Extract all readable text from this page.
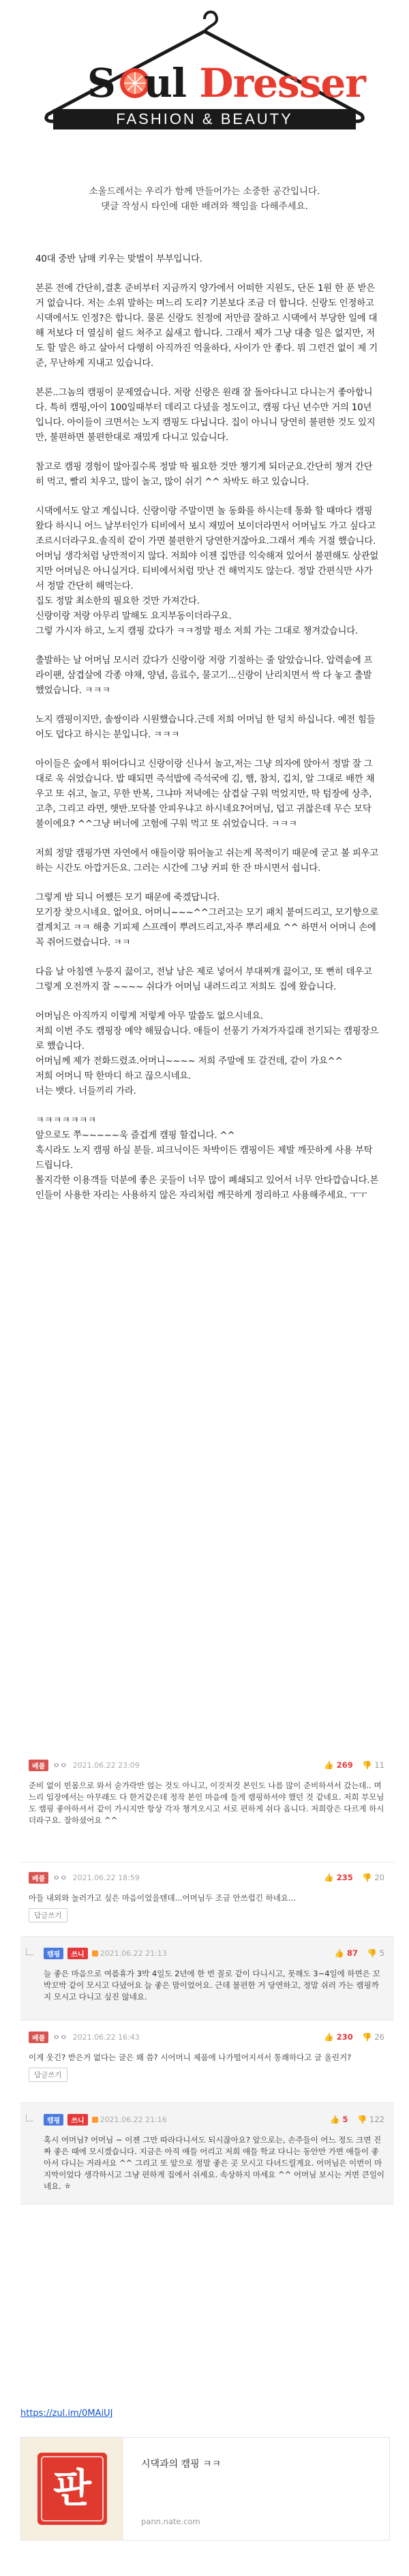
S ul Dresser
FASHION & BEAUTY
소울드레서는 우리가 함께 만들어가는 소중한 공간입니다.
댓글 작성시 타인에 대한 배려와 책임을 다해주세요.

40대 중반 남매 키우는 맞벌이 부부입니다.

본론 전에 간단히,결혼 준비부터 지금까지 양가에서 어떠한 지원도, 단돈 1원 한 푼 받은 거 없습니다. 저는 소위 말하는 며느리 도리? 기본보다 조금 더 합니다. 신랑도 인정하고 시댁에서도 인정?은 합니다. 물론 신랑도 친정에 저만큼 잘하고 시댁에서 부당한 일에 대해 저보다 더 열심히 쉴드 쳐주고 싫새고 합니다. 그래서 제가 그냥 대충 일은 없지만, 저도 할 말은 하고 살아서 다행히 아직까진 억울하다, 사이가 안 좋다. 뭐 그런건 없이 제 기준, 무난하게 지내고 있습니다.

본론..그놈의 캠핑이 문제였습니다. 저랑 신랑은 원래 잘 돌아다니고 다니는거 좋아합니다. 특히 캠핑,아이 100일때부터 데리고 다녔을 정도이고, 캠핑 다닌 년수만 거의 10년입니다. 아이들이 크면서는 노지 캠핑도 다닙니다. 집이 아니니 당연히 불편한 것도 있지만, 불편하면 불편한대로 재밌게 다니고 있습니다.

참고로 캠핑 경험이 많아질수록 정말 딱 필요한 것만 챙기게 되더군요.간단히 챙겨 간단히 먹고, 빨리 치우고, 많이 놀고, 많이 쉬기 ^^ 차박도 하고 있습니다.

시댁에서도 알고 계십니다. 신랑이랑 주말이면 놀 동화를 하시는데 통화 할 때마다 캠핑 왔다 하시니 어느 날부터인가 티비에서 보시 재밌어 보이더라면서 어머님도 가고 싶다고 조르시더라구요.솔직히 같이 가면 불편한거 당연한거잖아요.그래서 계속 거절 했습니다. 어머님 생각처럼 낭만적이지 않다. 저희야 이젠 집만큼 익숙해져 있어서 불편해도 상관없지만 어머님은 아니실거다. 티비에서처럼 맛난 건 해먹지도 않는다. 정말 간편식만 사가서 정말 간단히 해먹는다.

집도 정말 최소한의 필요한 것만 가져간다.

신랑이랑 저랑 아무리 말해도 요지부동이더라구요.

그렇 가시자 하고, 노지 캠핑 갔다가 ㅋㅋ정말 평소 저희 가는 그대로 챙겨갔습니다.

출발하는 날 어머님 모시러 갔다가 신랑이랑 저랑 기절하는 줄 알았습니다. 압력솥에 프라이팬, 삼겹살에 각종 야채, 양념, 음료수, 물고기...신랑이 난리치면서 싹 다 놓고 출발했었습니다. ㅋㅋㅋ

노지 캠핑이지만, 솔쌍이라 시원했습니다.근데 저희 어머님 한 덩치 하십니다. 예전 힘들어도 덥다고 하시는 분입니다. ㅋㅋㅋ

아이들은 숲에서 뛰어다니고 신랑이랑 신나서 놀고,저는 그냥 의자에 앉아서 정말 잘 그대로 욱 쉬었습니다. 밥 때되면 즉석밥에 즉석국에 김, 햄, 참치, 깁치, 알 그대로 배깐 채우고 또 쉬고, 놀고, 무한 반복, 그냐마 저녁에는 삼겹살 구워 먹었지만, 딱 텀장에 상추, 고추, 그리고 라면, 햇반.모닥불 안피우냐고 하시네요?어머님, 덥고 귀찮은데 무슨 모닥불이에요? ^^그냥 버너에 고험에 구워 먹고 또 쉬었습니다. ㅋㅋㅋ

저희 정말 캠핑가면 자연에서 애들이랑 뛰어놀고 쉬는게 목적이기 때문에 굳고 볼 피우고 하는 시간도 아깝거든요. 그러는 시간에 그냥 커피 한 잔 마시면서 쉽니다.

그렇게 밤 되니 어쨌든 모기 때문에 죽겠답니다.

모기장 찾으시네요. 없어요. 어머니~~~^^그러고는 모기 패치 붙여드리고, 모기향으로 결계치고 ㅋㅋ 해충 기피제 스프레이 뿌려드리고,자주 뿌리세요 ^^ 하면서 어머니 손에 꼭 쥐어드렸습니다. ㅋㅋ

다음 날 아침엔 누룽지 끓이고, 전날 남은 제로 넣어서 부대찌개 끓이고, 또 뻔히 데우고 그렇게 오전까지 잘 ~~~~ 쉬다가 어머님 내려드리고 저희도 집에 왔습니다.

어머님은 아직까지 이렇게 저렇게 아무 말씀도 없으시네요.

저희 이번 주도 캠핑장 예약 해뒀습니다. 애들이 선풍기 가져가자길래 전기되는 캠핑장으로 했습니다.

어머님께 제가 전화드렸죠.어머니~~~~ 저희 주말에 또 갈건데, 같이 가요^^

저희 어머니 딱 한마디 하고 끊으시네요.

너는 뱃다. 너들끼리 가라.

ㅋㅋㅋㅋㅋㅋㅋ

앞으로도 쭈~~~~~욱 즐겁게 캠핑 할겁니다. ^^

혹시라도 노지 캠핑 하실 분들. 피크닉이든 차박이든 캠핑이든 제발 깨끗하게 사용 부탁드립니다.

몰지각한 이용객들 덕분에 좋은 곳들이 너무 많이 폐쇄되고 있어서 너무 안타깝습니다.본인들이 사용한 자리는 사용하지 않은 자리처럼 깨끗하게 정리하고 사용해주세요. ㅜㅜ

베플	ㅇㅇ 2021.06.22 23:09	👍 269 👎 11
준비 없이 빈몸으로 와서 숟가락만 얹는 것도 아니고, 이것저것 본인도 나름 많이 준비하셔서 갔는데.. 며느리 입장에서는 아무래도 다 한거같은데 정작 본인 마음에 들게 캠핑하셔야 했던 것 같네요. 저희 부모님도 캠핑 좋아하셔서 같이 가시지만 항상 각자 챙겨오시고 서로 편하게 쉬다 옵니다. 저희랑은 다르게 하시더라구요. 잘하셨어요 ^^
베플	ㅇㅇ 2021.06.22 18:59	👍 235 👎 20
아들 내외와 놀러가고 싶은 마음이었을텐데...어머님두 조금 안쓰럽긴 하네요...
답글쓰기
캠핑	쓰니	2021.06.22 21:13	👍 87 👎 5
늘 좋은 마음으로 여름휴가 3박 4일도 2년에 한 번 꼴로 같이 다니시고, 못해도 3~4일에 하면은 꼬박꼬박 같이 모시고 다녔어요 늘 좋은 맘이었어요. 근데 불편한 거 당연하고, 정말 쉬러 가는 캠핑까지 모시고 다니고 싶진 않네요.
베플	ㅇㅇ 2021.06.22 16:43	👍 230 👎 26
이게 웃긴? 받은거 없다는 글은 왜 씀? 시어머니 제품에 나가떨어지셔서 통쾌하다고 글 올린거?
답글쓰기
캠핑	쓰니	2021.06.22 21:16	👍 5 👎 122
혹시 어머님? 어머님 ~ 이젠 그만 따라다니셔도 되시잖아요? 앞으로는, 손주들이 어느 정도 크면 진짜 좋은 때에 모시겠습니다. 지금은 아직 애들 어리고 저희 애들 학교 다니는 동안만 가면 애들이 좋아서 다니는 거라서요 ^^ 그리고 또 앞으로 정말 좋은 곳 모시고 다녀드릴게요. 어머님은 이번이 마지막이었다 생각하시고 그냥 편하게 집에서 쉬세요. 속상하지 마세요 ^^ 어머님 보시는 거면 큰일이네요. ㅎ
https://zul.im/0MAiUJ
판
시댁과의 캠핑 ㅋㅋ
pann.nate.com
